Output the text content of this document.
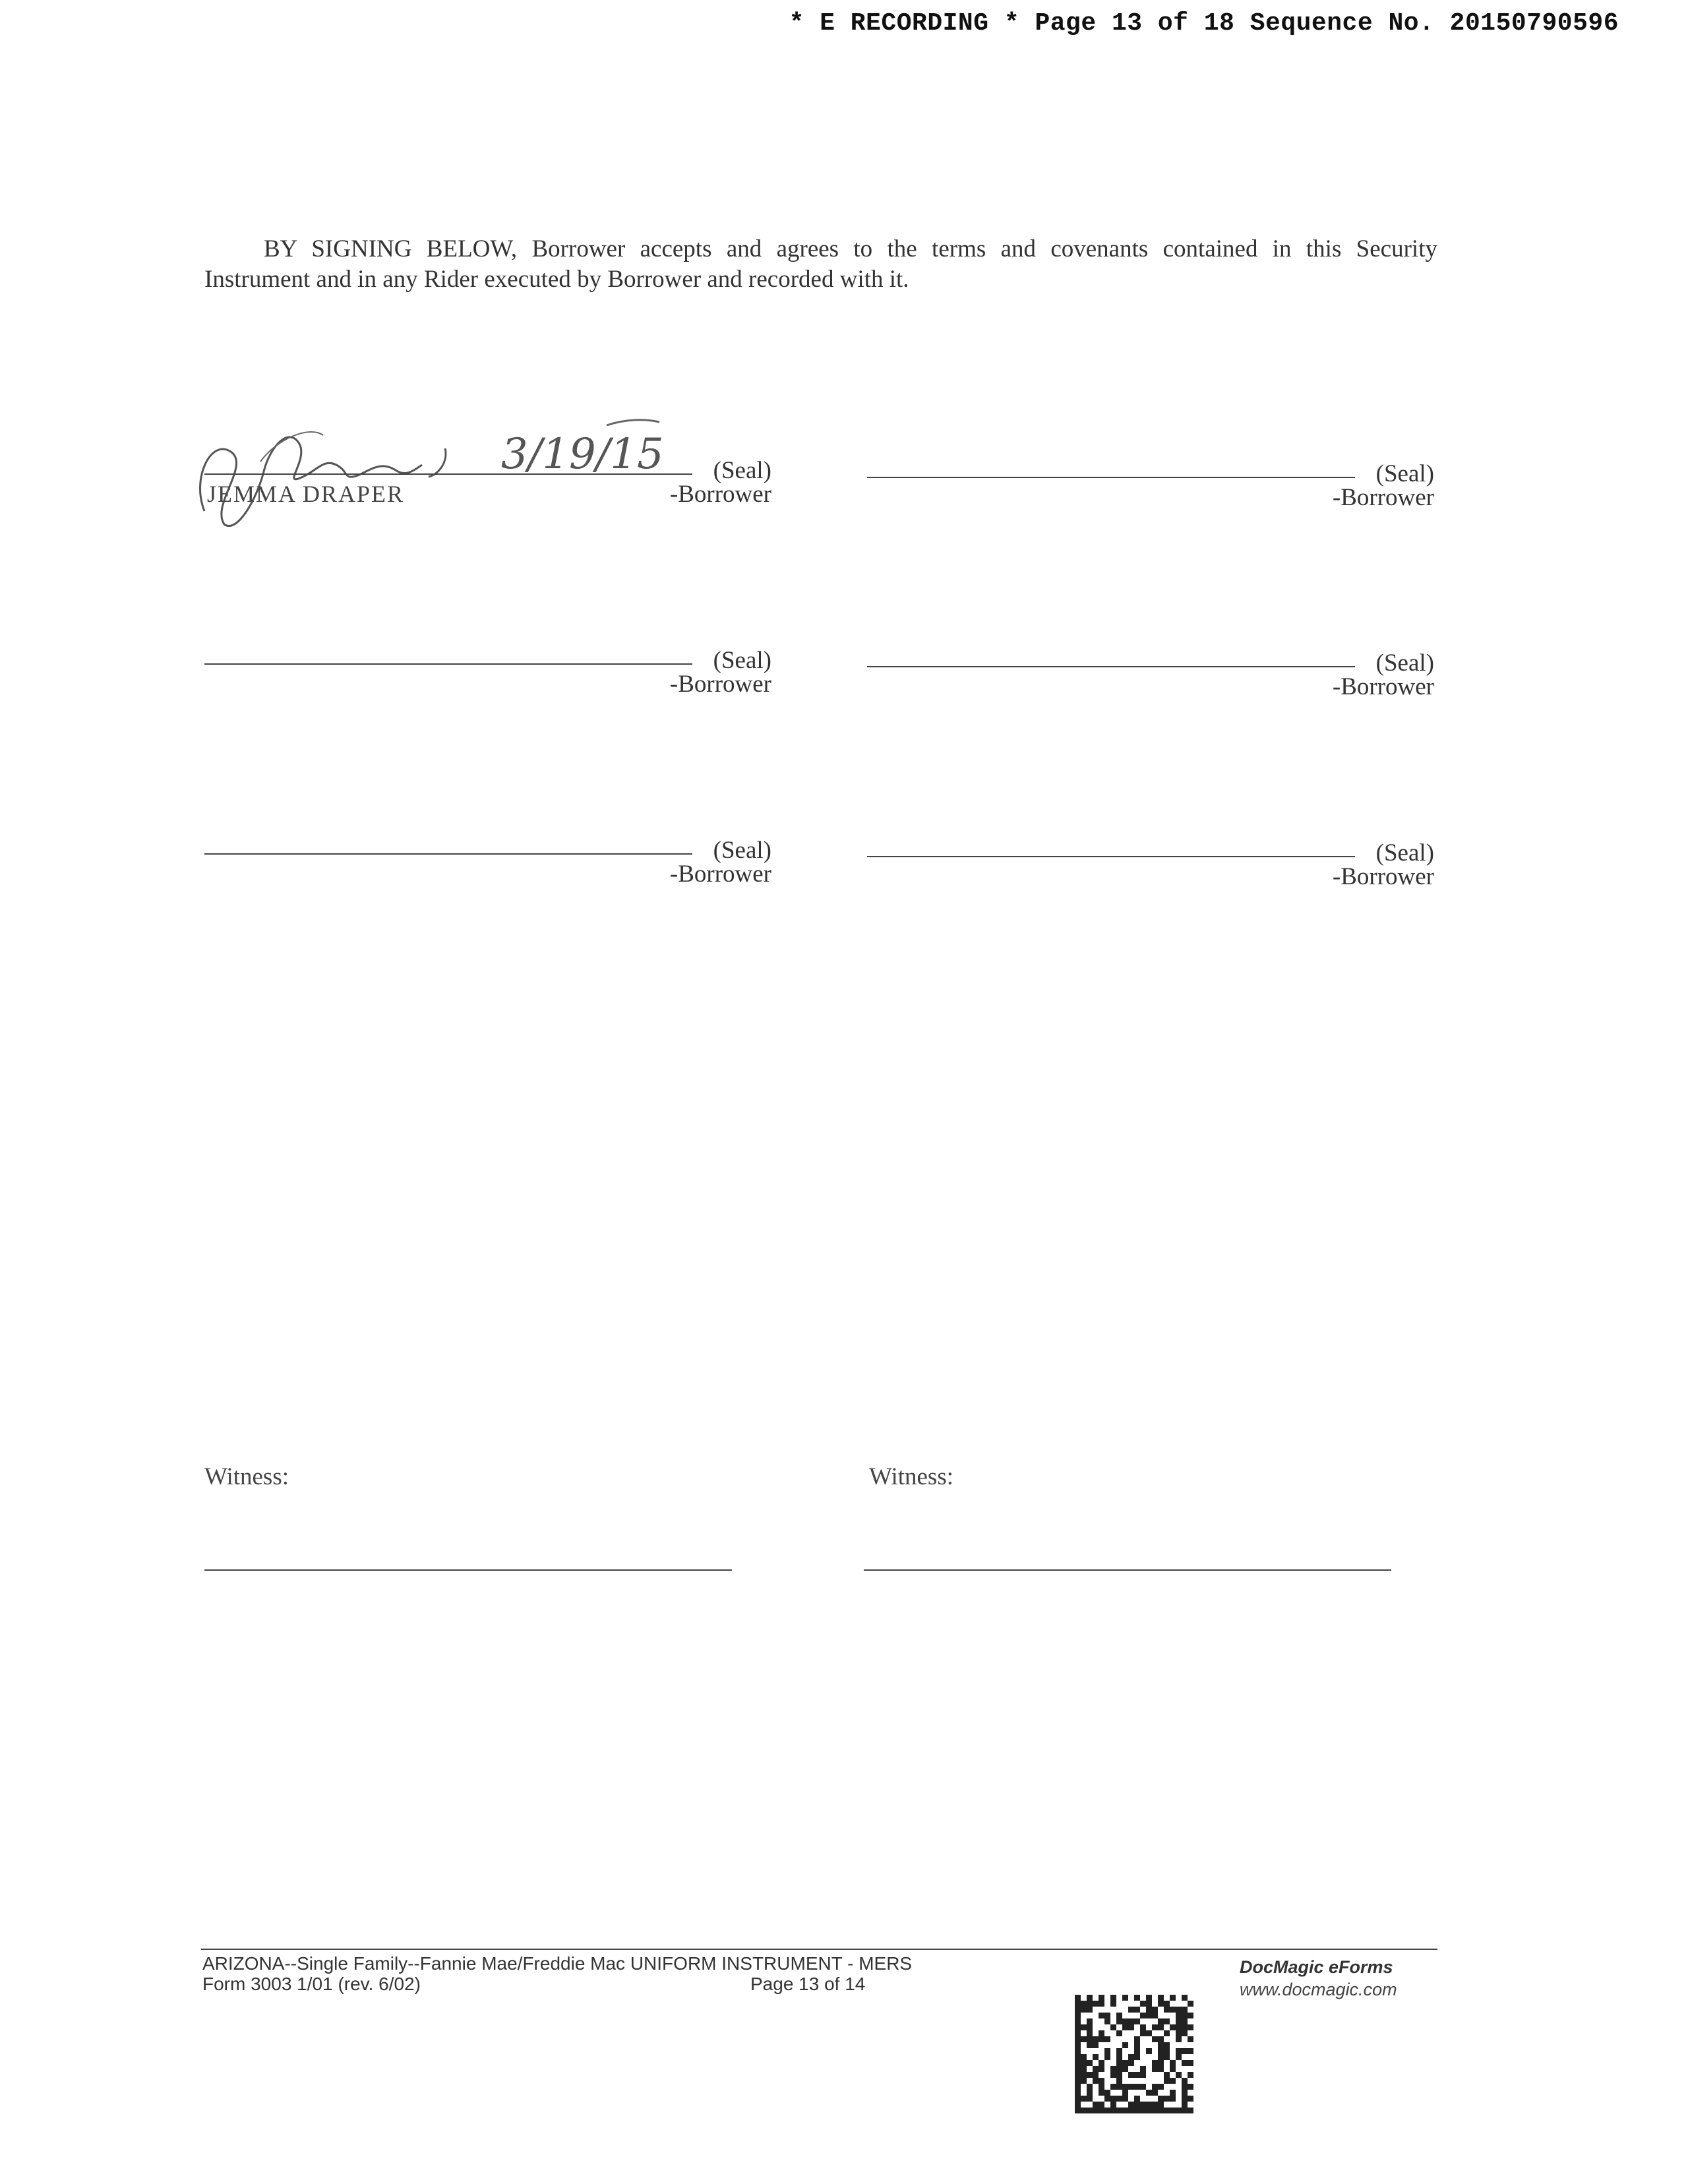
* E RECORDING * Page 13 of 18 Sequence No. 20150790596
BY SIGNING BELOW, Borrower accepts and agrees to the terms and covenants contained in this Security
Instrument and in any Rider executed by Borrower and recorded with it.
3/19/15 (Seal)
-Borrower
JEMMA DRAPER
(Seal)
-Borrower
(Seal)
-Borrower
(Seal)
-Borrower
(Seal)
-Borrower
(Seal)
-Borrower
Witness:	Witness:
ARIZONA--Single Family--Fannie Mae/Freddie Mac UNIFORM INSTRUMENT - MERS
Form 3003 1/01 (rev. 6/02)	Page 13 of 14
DocMagic eForms
www.docmagic.com
